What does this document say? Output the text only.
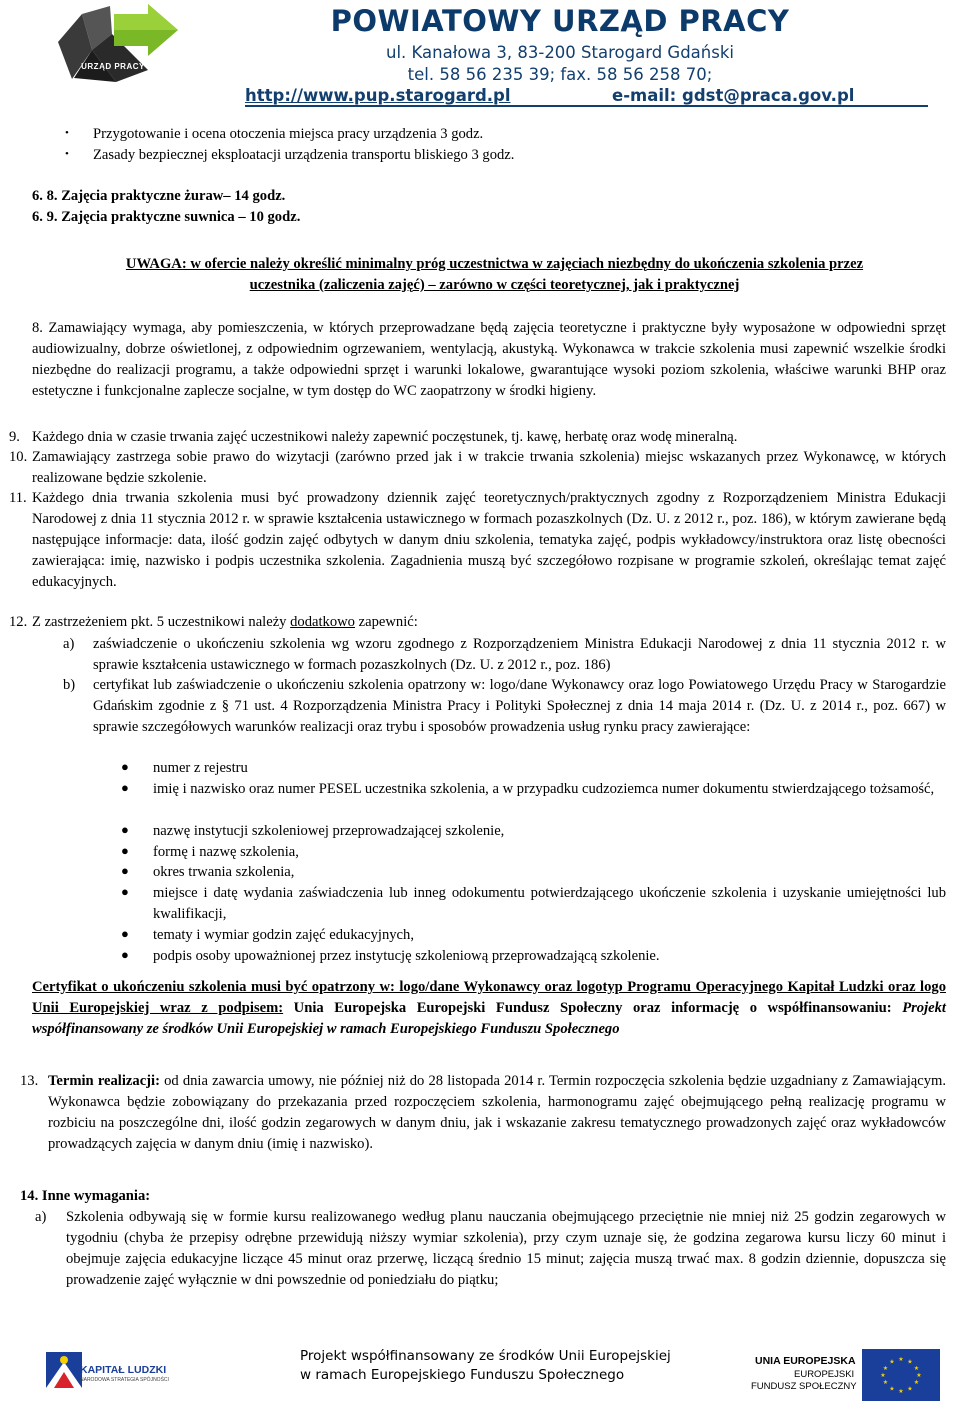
URZĄD PRACY
POWIATOWY URZĄD PRACY
ul. Kanałowa 3, 83-200 Starogard Gdański
tel. 58 56 235 39; fax. 58 56 258 70;
http://www.pup.starogard.pl	e-mail: gdst@praca.gov.pl
• Przygotowanie i ocena otoczenia miejsca pracy urządzenia 3 godz.
• Zasady bezpiecznej eksploatacji urządzenia transportu bliskiego 3 godz.
6. 8. Zajęcia praktyczne żuraw– 14 godz.
6. 9. Zajęcia praktyczne suwnica – 10 godz.
UWAGA: w ofercie należy określić minimalny próg uczestnictwa w zajęciach niezbędny do ukończenia szkolenia przez
uczestnika (zaliczenia zajęć) – zarówno w części teoretycznej, jak i praktycznej
8. Zamawiający wymaga, aby pomieszczenia, w których przeprowadzane będą zajęcia teoretyczne i praktyczne były wyposażone w odpowiedni sprzęt audiowizualny, dobrze oświetlonej, z odpowiednim ogrzewaniem, wentylacją, akustyką. Wykonawca w trakcie szkolenia musi zapewnić wszelkie środki niezbędne do realizacji programu, a także odpowiedni sprzęt i warunki lokalowe, gwarantujące wysoki poziom szkolenia, właściwe warunki BHP oraz estetyczne i funkcjonalne zaplecze socjalne, w tym dostęp do WC zaopatrzony w środki higieny.
9. Każdego dnia w czasie trwania zajęć uczestnikowi należy zapewnić poczęstunek, tj. kawę, herbatę oraz wodę mineralną.
10. Zamawiający zastrzega sobie prawo do wizytacji (zarówno przed jak i w trakcie trwania szkolenia) miejsc wskazanych przez Wykonawcę, w których realizowane będzie szkolenie.
11. Każdego dnia trwania szkolenia musi być prowadzony dziennik zajęć teoretycznych/praktycznych zgodny z Rozporządzeniem Ministra Edukacji Narodowej z dnia 11 stycznia 2012 r. w sprawie kształcenia ustawicznego w formach pozaszkolnych (Dz. U. z 2012 r., poz. 186), w którym zawierane będą następujące informacje: data, ilość godzin zajęć odbytych w danym dniu szkolenia, tematyka zajęć, podpis wykładowcy/instruktora oraz listę obecności zawierająca: imię, nazwisko i podpis uczestnika szkolenia. Zagadnienia muszą być szczegółowo rozpisane w programie szkoleń, określając temat zajęć edukacyjnych.
12. Z zastrzeżeniem pkt. 5 uczestnikowi należy dodatkowo zapewnić:
a) zaświadczenie o ukończeniu szkolenia wg wzoru zgodnego z Rozporządzeniem Ministra Edukacji Narodowej z dnia 11 stycznia 2012 r. w sprawie kształcenia ustawicznego w formach pozaszkolnych (Dz. U. z 2012 r., poz. 186)
b) certyfikat lub zaświadczenie o ukończeniu szkolenia opatrzony w: logo/dane Wykonawcy oraz logo Powiatowego Urzędu Pracy w Starogardzie Gdańskim zgodnie z § 71 ust. 4 Rozporządzenia Ministra Pracy i Polityki Społecznej z dnia 14 maja 2014 r. (Dz. U. z 2014 r., poz. 667) w sprawie szczegółowych warunków realizacji oraz trybu i sposobów prowadzenia usług rynku pracy zawierające:
● numer z rejestru
● imię i nazwisko oraz numer PESEL uczestnika szkolenia, a w przypadku cudzoziemca numer dokumentu stwierdzającego tożsamość,
● nazwę instytucji szkoleniowej przeprowadzającej szkolenie,
● formę i nazwę szkolenia,
● okres trwania szkolenia,
● miejsce i datę wydania zaświadczenia lub inneg odokumentu potwierdzającego ukończenie szkolenia i uzyskanie umiejętności lub kwalifikacji,
● tematy i wymiar godzin zajęć edukacyjnych,
● podpis osoby upoważnionej przez instytucję szkoleniową przeprowadzającą szkolenie.
Certyfikat o ukończeniu szkolenia musi być opatrzony w: logo/dane Wykonawcy oraz logotyp Programu Operacyjnego Kapitał Ludzki oraz logo Unii Europejskiej wraz z podpisem: Unia Europejska Europejski Fundusz Społeczny oraz informację o współfinansowaniu: Projekt współfinansowany ze środków Unii Europejskiej w ramach Europejskiego Funduszu Społecznego
13. Termin realizacji: od dnia zawarcia umowy, nie później niż do 28 listopada 2014 r. Termin rozpoczęcia szkolenia będzie uzgadniany z Zamawiającym. Wykonawca będzie zobowiązany do przekazania przed rozpoczęciem szkolenia, harmonogramu zajęć obejmującego pełną realizację programu w rozbiciu na poszczególne dni, ilość godzin zegarowych w danym dniu, jak i wskazanie zakresu tematycznego prowadzonych zajęć oraz wykładowców prowadzących zajęcia w danym dniu (imię i nazwisko).
14. Inne wymagania:
a) Szkolenia odbywają się w formie kursu realizowanego według planu nauczania obejmującego przeciętnie nie mniej niż 25 godzin zegarowych w tygodniu (chyba że przepisy odrębne przewidują niższy wymiar szkolenia), przy czym uznaje się, że godzina zegarowa kursu liczy 60 minut i obejmuje zajęcia edukacyjne liczące 45 minut oraz przerwę, liczącą średnio 15 minut; zajęcia muszą trwać max. 8 godzin dziennie, dopuszcza się prowadzenie zajęć wyłącznie w dni powszednie od poniedziału do piątku;
KAPITAŁ LUDZKI
NARODOWA STRATEGIA SPÓJNOŚCI
Projekt współfinansowany ze środków Unii Europejskiej
w ramach Europejskiego Funduszu Społecznego
UNIA EUROPEJSKA
EUROPEJSKI
FUNDUSZ SPOŁECZNY
★ ★
★
★
★
★
★
★
★
★
★
★
